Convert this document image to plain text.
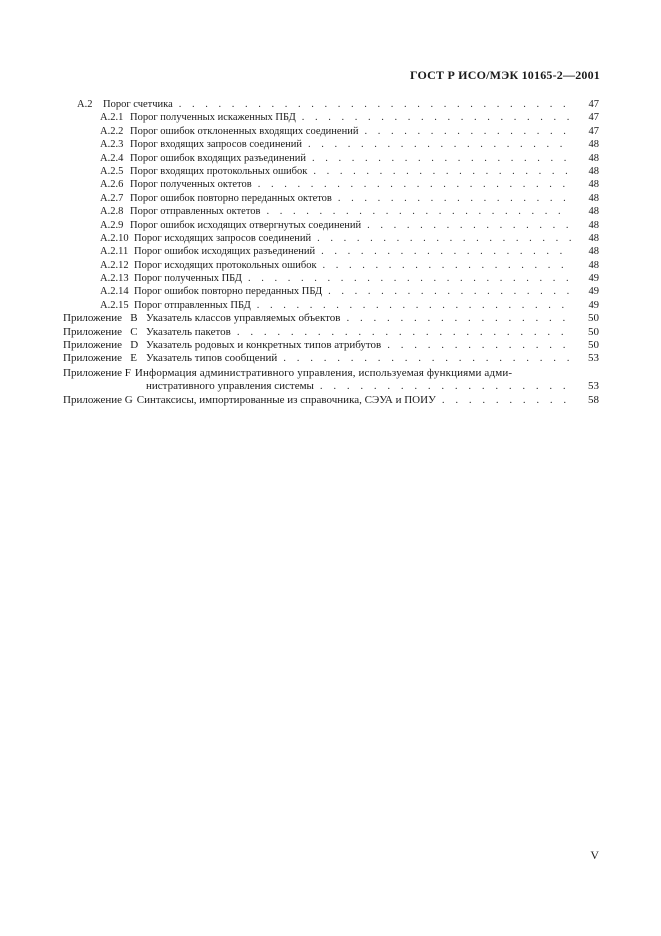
ГОСТ Р ИСО/МЭК 10165-2—2001
А.2	Порог счетчика . . .	47
А.2.1 Порог полученных искаженных ПБД . . .	47
А.2.2 Порог ошибок отклоненных входящих соединений . . .	47
А.2.3 Порог входящих запросов соединений . . .	48
А.2.4 Порог ошибок входящих разъединений . . .	48
А.2.5 Порог входящих протокольных ошибок . . .	48
А.2.6 Порог полученных октетов . . .	48
А.2.7 Порог ошибок повторно переданных октетов . . .	48
А.2.8 Порог отправленных октетов . . .	48
А.2.9 Порог ошибок исходящих отвергнутых соединений . . .	48
А.2.10 Порог исходящих запросов соединений . . .	48
А.2.11 Порог ошибок исходящих разъединений . . .	48
А.2.12 Порог исходящих протокольных ошибок . . .	48
А.2.13 Порог полученных ПБД . . .	49
А.2.14 Порог ошибок повторно переданных ПБД . . .	49
А.2.15 Порог отправленных ПБД . . .	49
Приложение   B Указатель классов управляемых объектов . . .	50
Приложение   C Указатель пакетов . . .	50
Приложение   D Указатель родовых и конкретных типов атрибутов . . .	50
Приложение   E Указатель типов сообщений . . .	53
Приложение F Информация административного управления, используемая функциями адми-
нистративного управления системы . . .	53
Приложение G Синтаксисы, импортированные из справочника, СЭУА и ПОИУ . . .	58
V
